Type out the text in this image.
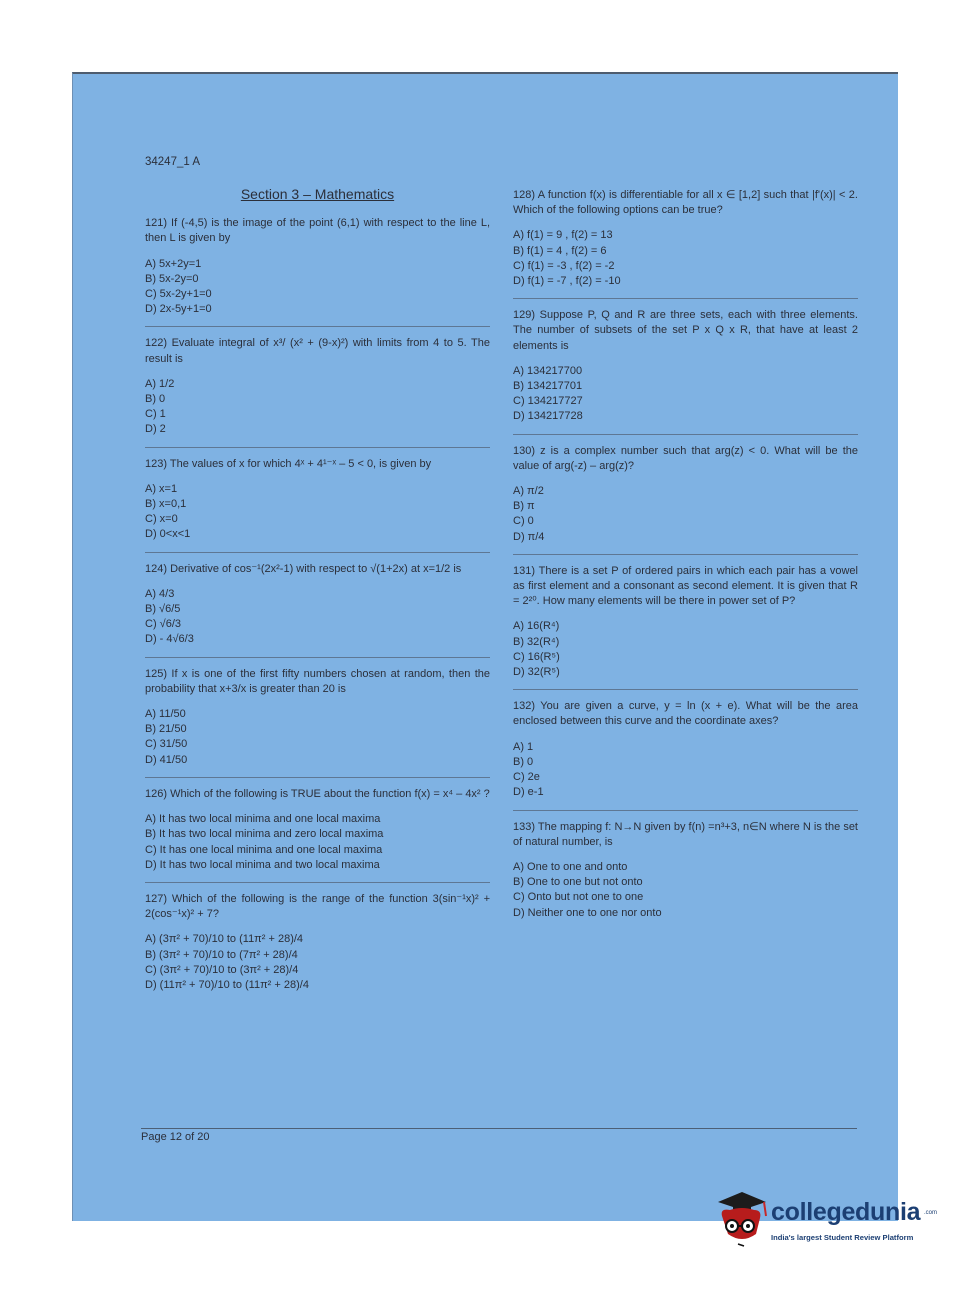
34247_1 A
Section 3 – Mathematics

121) If (-4,5) is the image of the point (6,1) with respect to the line L, then L is given by

A) 5x+2y=1
B) 5x-2y=0
C) 5x-2y+1=0
D) 2x-5y+1=0

122) Evaluate integral of x³/ (x² + (9-x)²) with limits from 4 to 5. The result is

A) 1/2
B) 0
C) 1
D) 2

123) The values of x for which 4ˣ + 4¹⁻ˣ – 5 < 0, is given by

A) x=1
B) x=0,1
C) x=0
D) 0<x<1

124) Derivative of cos⁻¹(2x²-1) with respect to √(1+2x) at x=1/2 is

A) 4/3
B) √6/5
C) √6/3
D) - 4√6/3

125) If x is one of the first fifty numbers chosen at random, then the probability that x+3/x is greater than 20 is

A) 11/50
B) 21/50
C) 31/50
D) 41/50

126) Which of the following is TRUE about the function f(x) = x⁴ – 4x² ?

A) It has two local minima and one local maxima
B) It has two local minima and zero local maxima
C) It has one local minima and one local maxima
D) It has two local minima and two local maxima

127) Which of the following is the range of the function 3(sin⁻¹x)² + 2(cos⁻¹x)² + 7?

A) (3π² + 70)/10 to (11π² + 28)/4
B) (3π² + 70)/10 to (7π² + 28)/4
C) (3π² + 70)/10 to (3π² + 28)/4
D) (11π² + 70)/10 to (11π² + 28)/4

128) A function f(x) is differentiable for all x ∈ [1,2] such that |f'(x)| < 2. Which of the following options can be true?

A) f(1) = 9 , f(2) = 13
B) f(1) = 4 , f(2) = 6
C) f(1) = -3 , f(2) = -2
D) f(1) = -7 , f(2) = -10

129) Suppose P, Q and R are three sets, each with three elements. The number of subsets of the set P x Q x R, that have at least 2 elements is

A) 134217700
B) 134217701
C) 134217727
D) 134217728

130) z is a complex number such that arg(z) < 0. What will be the value of arg(-z) – arg(z)?

A) π/2
B) π
C) 0
D) π/4

131) There is a set P of ordered pairs in which each pair has a vowel as first element and a consonant as second element. It is given that R = 2²⁰. How many elements will be there in power set of P?

A) 16(R⁴)
B) 32(R⁴)
C) 16(R⁵)
D) 32(R⁵)

132) You are given a curve, y = ln (x + e). What will be the area enclosed between this curve and the coordinate axes?

A) 1
B) 0
C) 2e
D) e-1

133) The mapping f: N→N given by f(n) =n³+3, n∈N where N is the set of natural number, is

A) One to one and onto
B) One to one but not onto
C) Onto but not one to one
D) Neither one to one nor onto
Page 12 of 20
collegedunia .com
India's largest Student Review Platform
